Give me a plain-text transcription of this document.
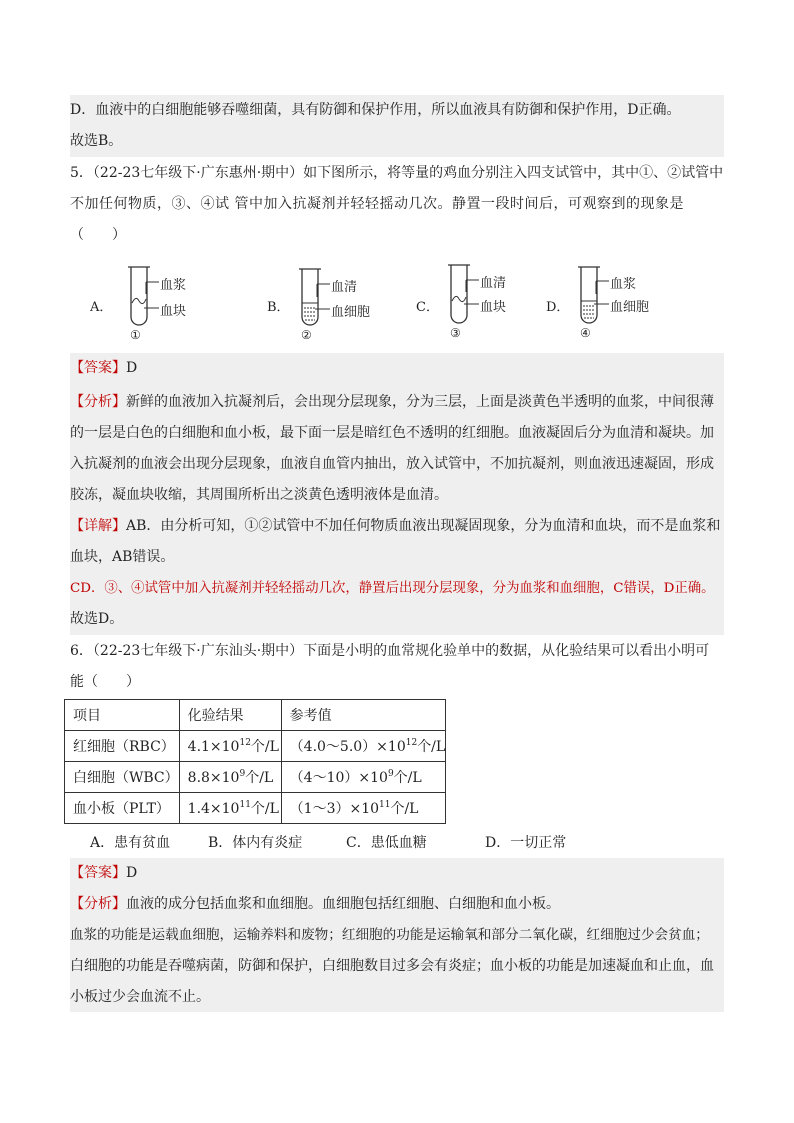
D．血液中的白细胞能够吞噬细菌，具有防御和保护作用，所以血液具有防御和保护作用，D正确。
故选B。
5．（22-23七年级下·广东惠州·期中）如下图所示，将等量的鸡血分别注入四支试管中，其中①、②试管中
不加任何物质，③、④试 管中加入抗凝剂并轻轻摇动几次。静置一段时间后，可观察到的现象是
（　　）
A．
血浆
血块
①
B．
血清
血细胞
②
C．
血清
血块
③
D．
血浆
血细胞
④
【答案】D
【分析】新鲜的血液加入抗凝剂后，会出现分层现象，分为三层，上面是淡黄色半透明的血浆，中间很薄
的一层是白色的白细胞和血小板，最下面一层是暗红色不透明的红细胞。血液凝固后分为血清和凝块。加
入抗凝剂的血液会出现分层现象，血液自血管内抽出，放入试管中，不加抗凝剂，则血液迅速凝固，形成
胶冻，凝血块收缩，其周围所析出之淡黄色透明液体是血清。
【详解】AB．由分析可知，①②试管中不加任何物质血液出现凝固现象，分为血清和血块，而不是血浆和
血块，AB错误。
CD．③、④试管中加入抗凝剂并轻轻摇动几次，静置后出现分层现象，分为血浆和血细胞，C错误，D正确。
故选D。
6．（22-23七年级下·广东汕头·期中）下面是小明的血常规化验单中的数据，从化验结果可以看出小明可
能（　　）
项目	化验结果	参考值
红细胞（RBC）	$4.1\times 10^{12}$个/L	$(4.0\sim 5.0)\times 10^{12}$个/L
白细胞（WBC）	$8.8\times 10^9$个/L	$(4\sim 10)\times 10^9$个/L
血小板（PLT）	$1.4\times 10^{11}$个/L	$(1\sim 3)\times 10^{11}$个/L
A．患有贫血	B．体内有炎症	C．患低血糖	D．一切正常
【答案】D
【分析】血液的成分包括血浆和血细胞。血细胞包括红细胞、白细胞和血小板。
血浆的功能是运载血细胞，运输养料和废物；红细胞的功能是运输氧和部分二氧化碳，红细胞过少会贫血；
白细胞的功能是吞噬病菌，防御和保护，白细胞数目过多会有炎症；血小板的功能是加速凝血和止血，血
小板过少会血流不止。
